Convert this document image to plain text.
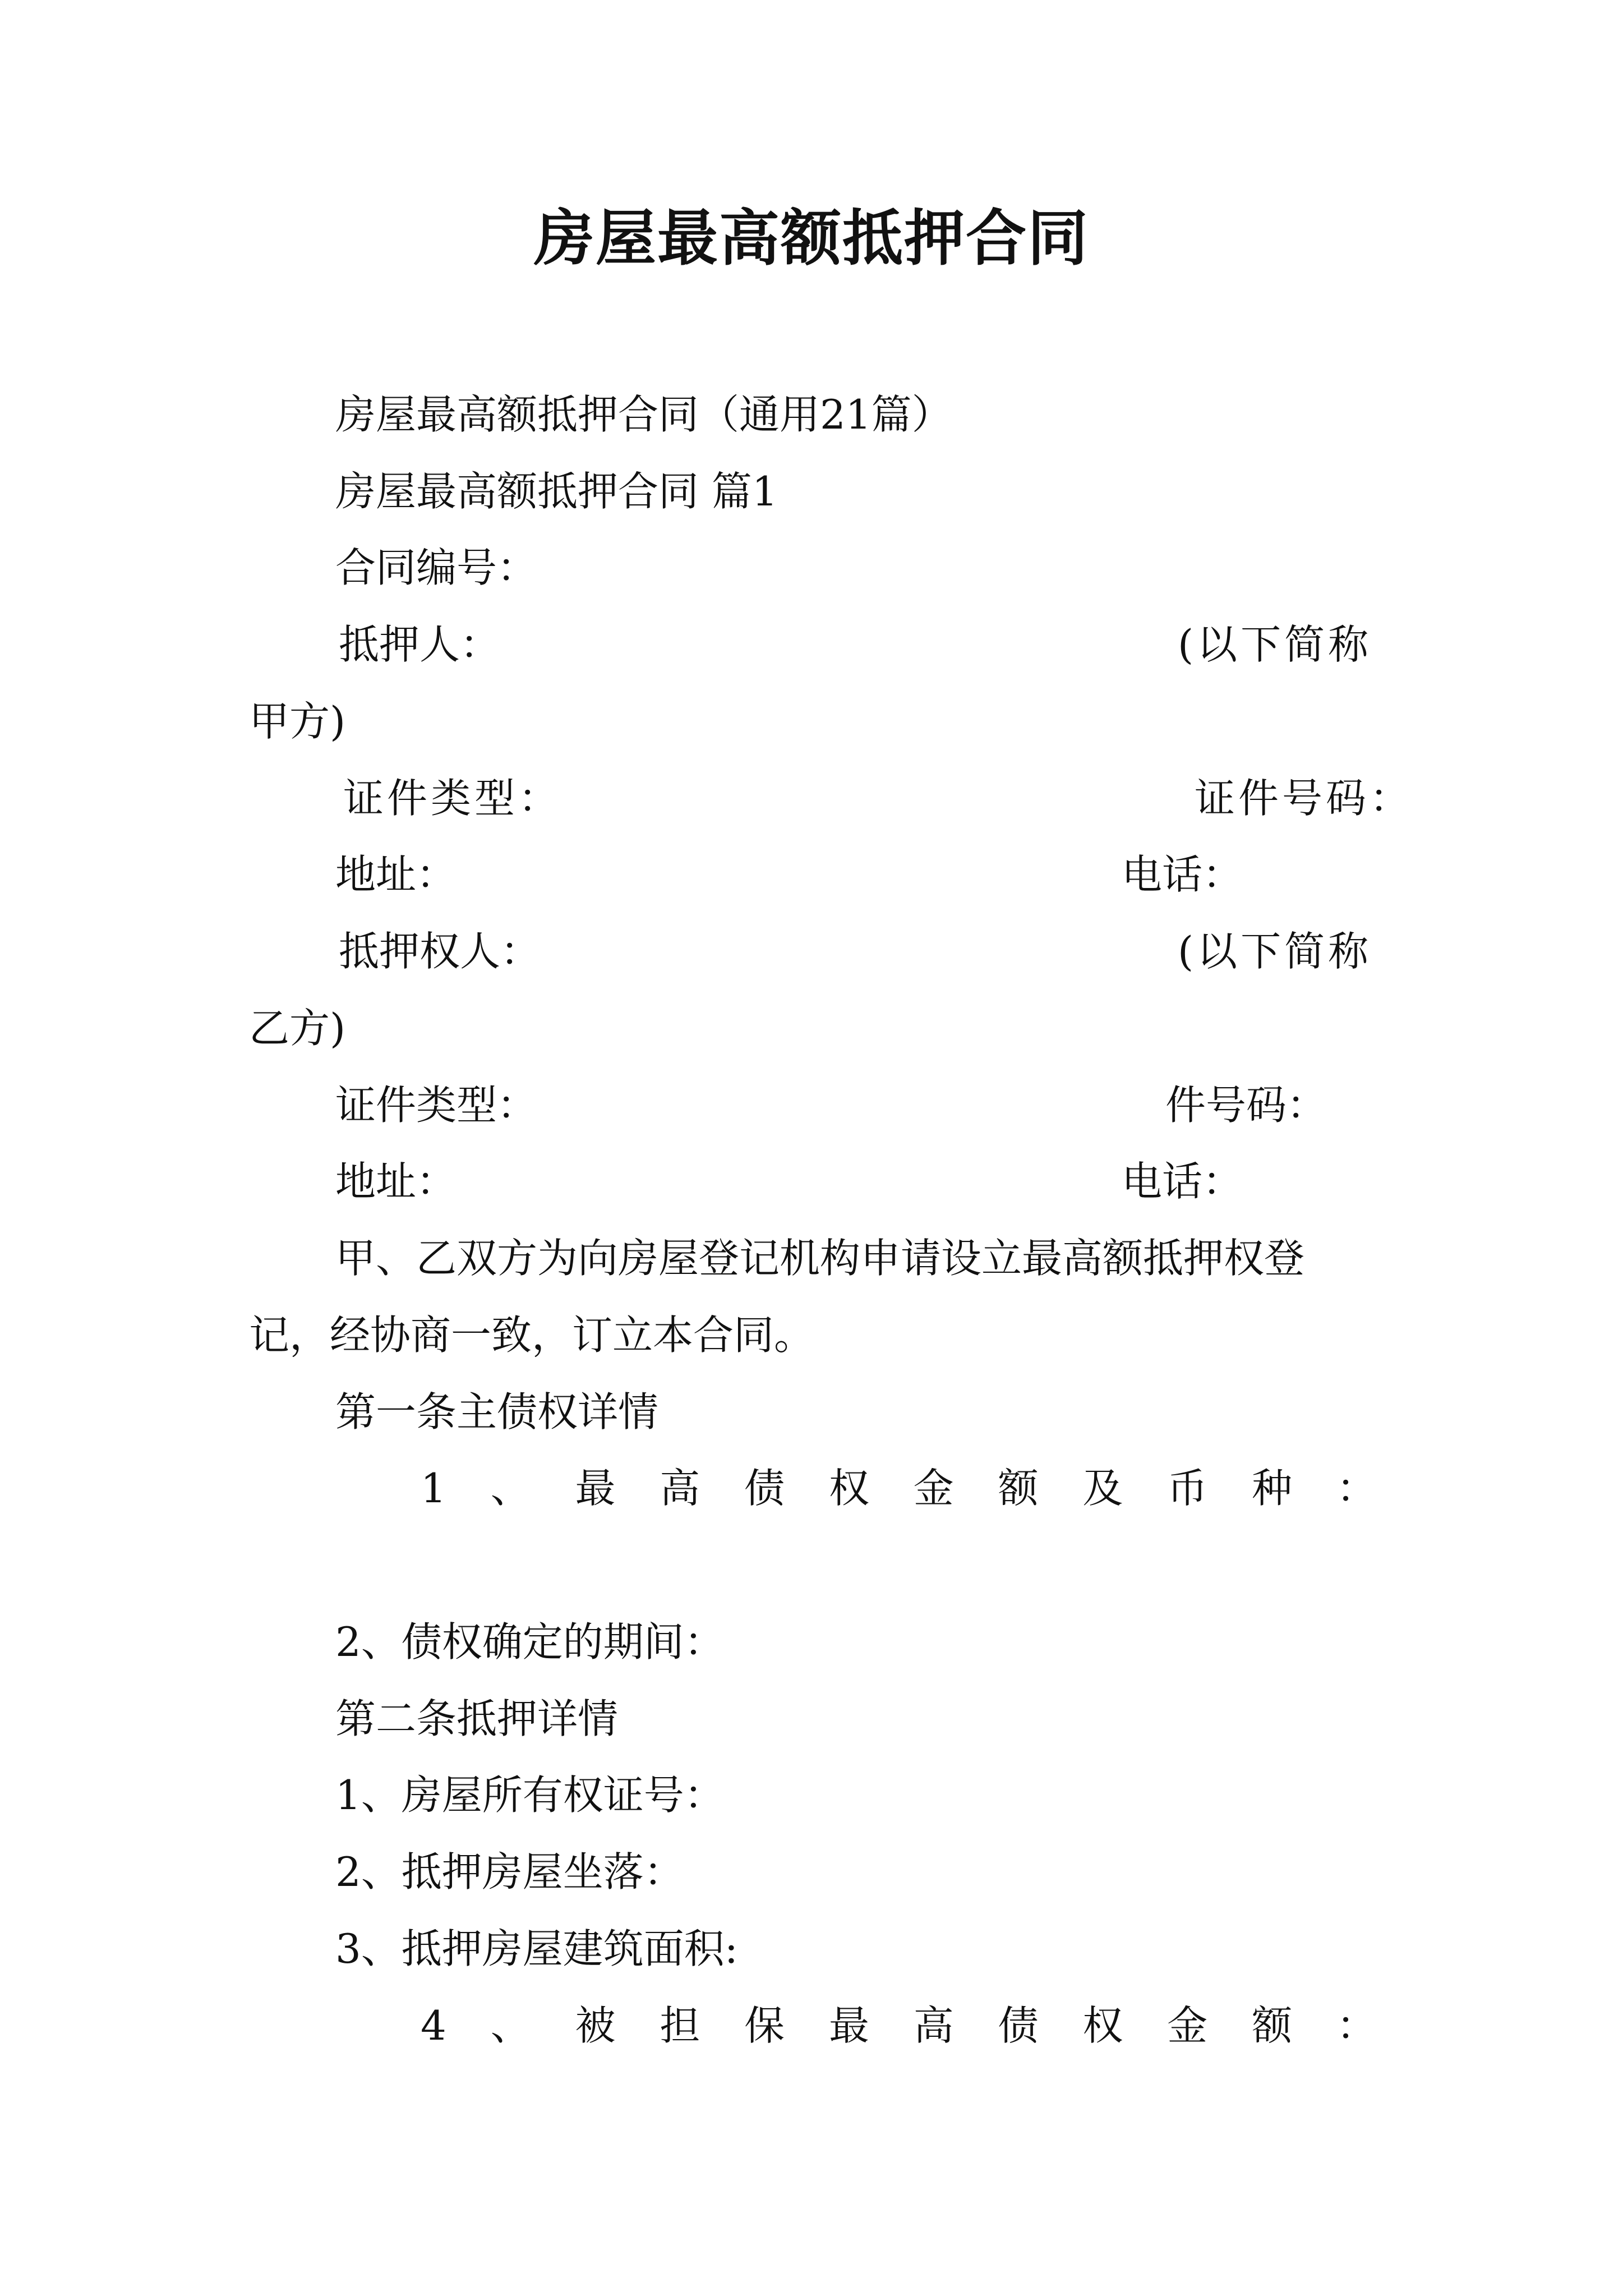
房屋最高额抵押合同
房屋最高额抵押合同（通用21篇）
房屋最高额抵押合同 篇1
合同编号：
抵押人：	(以下简称
甲方)
证件类型：	证件号码：
地址：	电话：
抵押权人：	(以下简称
乙方)
证件类型：	件号码：
地址：	电话：
甲、乙双方为向房屋登记机构申请设立最高额抵押权登
记，经协商一致，订立本合同。
第一条主债权详情
1 、 最 高 债 权 金 额 及 币 种 ：
2、债权确定的期间：
第二条抵押详情
1、房屋所有权证号：
2、抵押房屋坐落：
3、抵押房屋建筑面积:
4 、 被 担 保 最 高 债 权 金 额 ：
